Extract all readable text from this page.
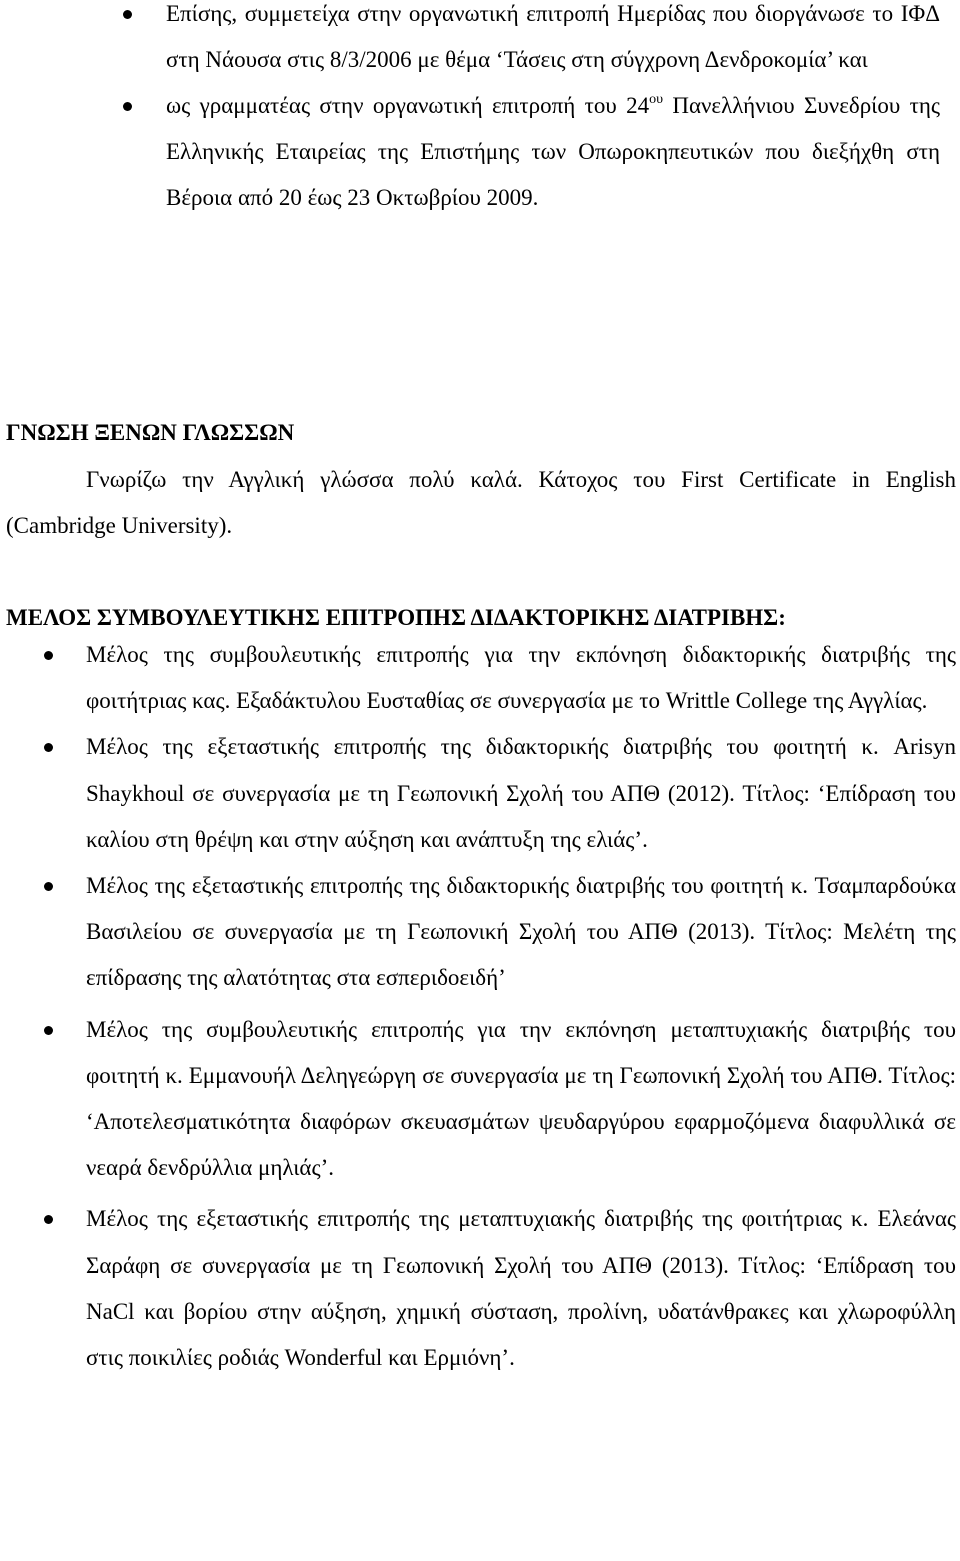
Επίσης, συμμετείχα στην οργανωτική επιτροπή Ημερίδας που διοργάνωσε το ΙΦΔ στη Νάουσα στις 8/3/2006 με θέμα ‘Τάσεις στη σύγχρονη Δενδροκομία’ και
ως γραμματέας στην οργανωτική επιτροπή του $24^{o\upsilon}$ Πανελλήνιου Συνεδρίου της Ελληνικής Εταιρείας της Επιστήμης των Οπωροκηπευτικών που διεξήχθη στη Βέροια από 20 έως 23 Οκτωβρίου 2009.
ΓΝΩΣΗ ΞΕΝΩΝ ΓΛΩΣΣΩΝ

Γνωρίζω την Αγγλική γλώσσα πολύ καλά. Κάτοχος του First Certificate in English (Cambridge University).

ΜΕΛΟΣ ΣΥΜΒΟΥΛΕΥΤΙΚΗΣ ΕΠΙΤΡΟΠΗΣ ΔΙΔΑΚΤΟΡΙΚΗΣ ΔΙΑΤΡΙΒΗΣ:
Μέλος της συμβουλευτικής επιτροπής για την εκπόνηση διδακτορικής διατριβής της φοιτήτριας κας. Εξαδάκτυλου Ευσταθίας σε συνεργασία με το Writtle College της Αγγλίας.
Μέλος της εξεταστικής επιτροπής της διδακτορικής διατριβής του φοιτητή κ. Arisyn Shaykhoul σε συνεργασία με τη Γεωπονική Σχολή του ΑΠΘ (2012). Τίτλος: ‘Επίδραση του καλίου στη θρέψη και στην αύξηση και ανάπτυξη της ελιάς’.
Μέλος της εξεταστικής επιτροπής της διδακτορικής διατριβής του φοιτητή κ. Τσαμπαρδούκα Βασιλείου σε συνεργασία με τη Γεωπονική Σχολή του ΑΠΘ (2013). Τίτλος: Μελέτη της επίδρασης της αλατότητας στα εσπεριδοειδή’
Μέλος της συμβουλευτικής επιτροπής για την εκπόνηση μεταπτυχιακής διατριβής του φοιτητή κ. Εμμανουήλ Δεληγεώργη σε συνεργασία με τη Γεωπονική Σχολή του ΑΠΘ. Τίτλος: ‘Αποτελεσματικότητα διαφόρων σκευασμάτων ψευδαργύρου εφαρμοζόμενα διαφυλλικά σε νεαρά δενδρύλλια μηλιάς’.
Μέλος της εξεταστικής επιτροπής της μεταπτυχιακής διατριβής της φοιτήτριας κ. Ελεάνας Σαράφη σε συνεργασία με τη Γεωπονική Σχολή του ΑΠΘ (2013). Τίτλος: ‘Επίδραση του NaCl και βορίου στην αύξηση, χημική σύσταση, προλίνη, υδατάνθρακες και χλωροφύλλη στις ποικιλίες ροδιάς Wonderful και Ερμιόνη’.
